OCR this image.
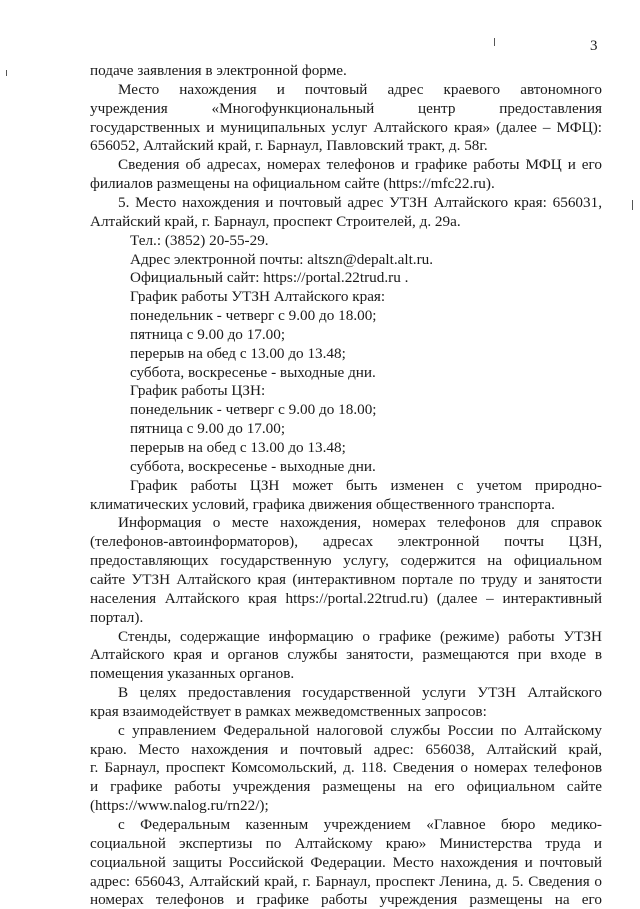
3
подаче заявления в электронной форме.
Место нахождения и почтовый адрес краевого автономного
учреждения «Многофункциональный центр предоставления
государственных и муниципальных услуг Алтайского края» (далее – МФЦ):
656052, Алтайский край, г. Барнаул, Павловский тракт, д. 58г.
Сведения об адресах, номерах телефонов и графике работы МФЦ и его
филиалов размещены на официальном сайте (https://mfc22.ru).
5. Место нахождения и почтовый адрес УТЗН Алтайского края: 656031,
Алтайский край, г. Барнаул, проспект Строителей, д. 29а.
Тел.: (3852) 20-55-29.
Адрес электронной почты: altszn@depalt.alt.ru.
Официальный сайт: https://portal.22trud.ru .
График работы УТЗН Алтайского края:
понедельник - четверг с 9.00 до 18.00;
пятница с 9.00 до 17.00;
перерыв на обед с 13.00 до 13.48;
суббота, воскресенье - выходные дни.
График работы ЦЗН:
понедельник - четверг с 9.00 до 18.00;
пятница с 9.00 до 17.00;
перерыв на обед с 13.00 до 13.48;
суббота, воскресенье - выходные дни.
График работы ЦЗН может быть изменен с учетом природно-
климатических условий, графика движения общественного транспорта.
Информация о месте нахождения, номерах телефонов для справок
(телефонов-автоинформаторов), адресах электронной почты ЦЗН,
предоставляющих государственную услугу, содержится на официальном
сайте УТЗН Алтайского края (интерактивном портале по труду и занятости
населения Алтайского края https://portal.22trud.ru) (далее – интерактивный
портал).
Стенды, содержащие информацию о графике (режиме) работы УТЗН
Алтайского края и органов службы занятости, размещаются при входе в
помещения указанных органов.
В целях предоставления государственной услуги УТЗН Алтайского
края взаимодействует в рамках межведомственных запросов:
с управлением Федеральной налоговой службы России по Алтайскому
краю. Место нахождения и почтовый адрес: 656038, Алтайский край,
г. Барнаул, проспект Комсомольский, д. 118. Сведения о номерах телефонов
и графике работы учреждения размещены на его официальном сайте
(https://www.nalog.ru/rn22/);
с Федеральным казенным учреждением «Главное бюро медико-
социальной экспертизы по Алтайскому краю» Министерства труда и
социальной защиты Российской Федерации. Место нахождения и почтовый
адрес: 656043, Алтайский край, г. Барнаул, проспект Ленина, д. 5. Сведения о
номерах телефонов и графике работы учреждения размещены на его
